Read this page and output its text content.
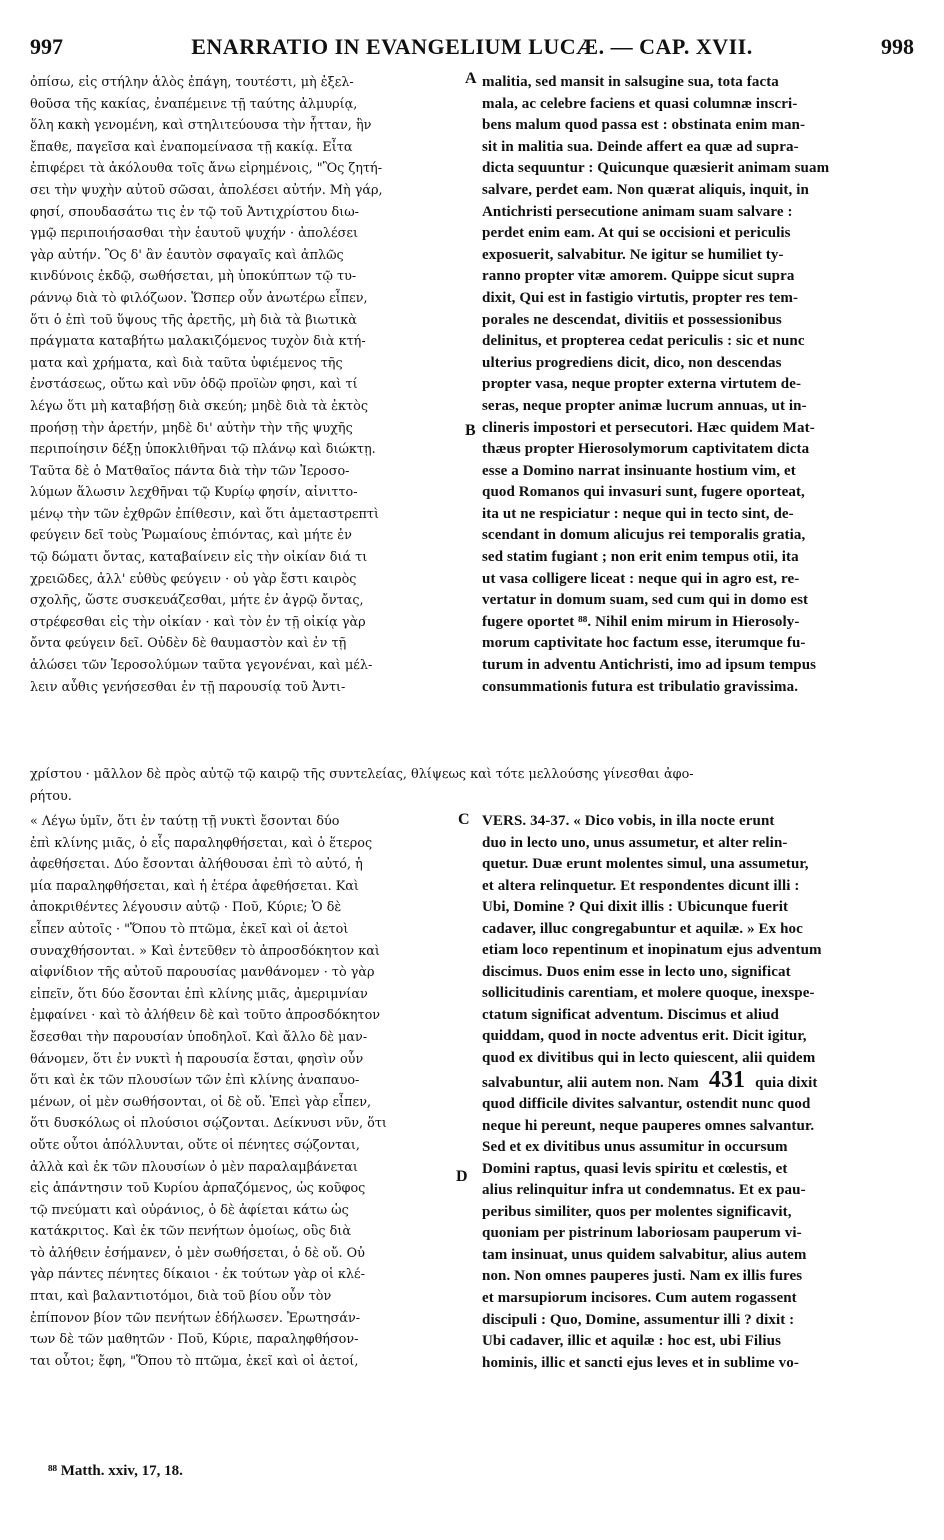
997	ENARRATIO IN EVANGELIUM LUCÆ. — CAP. XVII.	998
ὀπίσω, εἰς στήλην ἁλὸς ἐπάγη, τουτέστι, μὴ ἐξελ-
θοῦσα τῆς κακίας, ἐναπέμεινε τῇ ταύτης ἀλμυρίᾳ,
ὅλη κακὴ γενομένη, καὶ στηλιτεύουσα τὴν ἧτταν, ἣν
ἔπαθε, παγεῖσα καὶ ἐναπομείνασα τῇ κακίᾳ. Εἶτα
ἐπιφέρει τὰ ἀκόλουθα τοῖς ἄνω εἰρημένοις, "Ὃς ζητή-
σει τὴν ψυχὴν αὐτοῦ σῶσαι, ἀπολέσει αὐτήν. Μὴ γάρ,
φησί, σπουδασάτω τις ἐν τῷ τοῦ Ἀντιχρίστου διω-
γμῷ περιποιήσασθαι τὴν ἑαυτοῦ ψυχήν · ἀπολέσει
γὰρ αὐτήν. Ὃς δ' ἂν ἑαυτὸν σφαγαῖς καὶ ἀπλῶς
κινδύνοις ἐκδῷ, σωθήσεται, μὴ ὑποκύπτων τῷ τυ-
ράννῳ διὰ τὸ φιλόζωον. Ὥσπερ οὖν ἀνωτέρω εἶπεν,
ὅτι ὁ ἐπὶ τοῦ ὕψους τῆς ἀρετῆς, μὴ διὰ τὰ βιωτικὰ
πράγματα καταβήτω μαλακιζόμενος τυχὸν διὰ κτή-
ματα καὶ χρήματα, καὶ διὰ ταῦτα ὑφιέμενος τῆς
ἐνστάσεως, οὕτω καὶ νῦν ὁδῷ προϊὼν φησι, καὶ τί
λέγω ὅτι μὴ καταβήσῃ διὰ σκεύη; μηδὲ διὰ τὰ ἐκτὸς
προήσῃ τὴν ἀρετήν, μηδὲ δι' αὐτὴν τὴν τῆς ψυχῆς
περιποίησιν δέξῃ ὑποκλιθῆναι τῷ πλάνῳ καὶ διώκτῃ.
Ταῦτα δὲ ὁ Ματθαῖος πάντα διὰ τὴν τῶν Ἱεροσο-
λύμων ἅλωσιν λεχθῆναι τῷ Κυρίῳ φησίν, αἰνιττο-
μένῳ τὴν τῶν ἐχθρῶν ἐπίθεσιν, καὶ ὅτι ἀμεταστρεπτὶ
φεύγειν δεῖ τοὺς Ῥωμαίους ἐπιόντας, καὶ μήτε ἐν
τῷ δώματι ὄντας, καταβαίνειν εἰς τὴν οἰκίαν διά τι
χρειῶδες, ἀλλ' εὐθὺς φεύγειν · οὐ γὰρ ἔστι καιρὸς
σχολῆς, ὥστε συσκευάζεσθαι, μήτε ἐν ἀγρῷ ὄντας,
στρέφεσθαι εἰς τὴν οἰκίαν · καὶ τὸν ἐν τῇ οἰκίᾳ γὰρ
ὄντα φεύγειν δεῖ. Οὐδὲν δὲ θαυμαστὸν καὶ ἐν τῇ
ἁλώσει τῶν Ἱεροσολύμων ταῦτα γεγονέναι, καὶ μέλ-
λειν αὖθις γενήσεσθαι ἐν τῇ παρουσίᾳ τοῦ Ἀντι-
malitia, sed mansit in salsugine sua, tota facta
mala, ac celebre faciens et quasi columnæ inscri-
bens malum quod passa est : obstinata enim man-
sit in malitia sua. Deinde affert ea quæ ad supra-
dicta sequuntur : Quicunque quæsierit animam suam
salvare, perdet eam. Non quærat aliquis, inquit, in
Antichristi persecutione animam suam salvare :
perdet enim eam. At qui se occisioni et periculis
exposuerit, salvabitur. Ne igitur se humiliet ty-
ranno propter vitæ amorem. Quippe sicut supra
dixit, Qui est in fastigio virtutis, propter res tem-
porales ne descendat, divitiis et possessionibus
delinitus, et propterea cedat periculis : sic et nunc
ulterius progrediens dicit, dico, non descendas
propter vasa, neque propter externa virtutem de-
seras, neque propter animæ lucrum annuas, ut in-
clineris impostori et persecutori. Hæc quidem Mat-
thæus propter Hierosolymorum captivitatem dicta
esse a Domino narrat insinuante hostium vim, et
quod Romanos qui invasuri sunt, fugere oporteat,
ita ut ne respiciatur : neque qui in tecto sint, de-
scendant in domum alicujus rei temporalis gratia,
sed statim fugiant ; non erit enim tempus otii, ita
ut vasa colligere liceat : neque qui in agro est, re-
vertatur in domum suam, sed cum qui in domo est
fugere oportet ⁸⁸. Nihil enim mirum in Hierosoly-
morum captivitate hoc factum esse, iterumque fu-
turum in adventu Antichristi, imo ad ipsum tempus
consummationis futura est tribulatio gravissima.
χρίστου · μᾶλλον δὲ πρὸς αὐτῷ τῷ καιρῷ τῆς συντελείας, θλίψεως καὶ τότε μελλούσης γίνεσθαι ἀφο-
ρήτου.
« Λέγω ὑμῖν, ὅτι ἐν ταύτῃ τῇ νυκτὶ ἔσονται δύο
ἐπὶ κλίνης μιᾶς, ὁ εἷς παραληφθήσεται, καὶ ὁ ἕτερος
ἀφεθήσεται. Δύο ἔσονται ἀλήθουσαι ἐπὶ τὸ αὐτό, ἡ
μία παραληφθήσεται, καὶ ἡ ἑτέρα ἀφεθήσεται. Καὶ
ἀποκριθέντες λέγουσιν αὐτῷ · Ποῦ, Κύριε; Ὁ δὲ
εἶπεν αὐτοῖς · "Ὅπου τὸ πτῶμα, ἐκεῖ καὶ οἱ ἀετοὶ
συναχθήσονται. » Καὶ ἐντεῦθεν τὸ ἀπροσδόκητον καὶ
αἰφνίδιον τῆς αὐτοῦ παρουσίας μανθάνομεν · τὸ γὰρ
εἰπεῖν, ὅτι δύο ἔσονται ἐπὶ κλίνης μιᾶς, ἀμεριμνίαν
ἐμφαίνει · καὶ τὸ ἀλήθειν δὲ καὶ τοῦτο ἀπροσδόκητον
ἔσεσθαι τὴν παρουσίαν ὑποδηλοῖ. Καὶ ἄλλο δὲ μαν-
θάνομεν, ὅτι ἐν νυκτὶ ἡ παρουσία ἔσται, φησὶν οὖν
ὅτι καὶ ἐκ τῶν πλουσίων τῶν ἐπὶ κλίνης ἀναπαυο-
μένων, οἱ μὲν σωθήσονται, οἱ δὲ οὔ. Ἐπεὶ γὰρ εἶπεν,
ὅτι δυσκόλως οἱ πλούσιοι σῴζονται. Δείκνυσι νῦν, ὅτι
οὔτε οὗτοι ἀπόλλυνται, οὔτε οἱ πένητες σῴζονται,
ἀλλὰ καὶ ἐκ τῶν πλουσίων ὁ μὲν παραλαμβάνεται
εἰς ἀπάντησιν τοῦ Κυρίου ἁρπαζόμενος, ὡς κοῦφος
τῷ πνεύματι καὶ οὐράνιος, ὁ δὲ ἀφίεται κάτω ὡς
κατάκριτος. Καὶ ἐκ τῶν πενήτων ὁμοίως, οὓς διὰ
τὸ ἀλήθειν ἐσήμανεν, ὁ μὲν σωθήσεται, ὁ δὲ οὔ. Οὐ
γὰρ πάντες πένητες δίκαιοι · ἐκ τούτων γὰρ οἱ κλέ-
πται, καὶ βαλαντιοτόμοι, διὰ τοῦ βίου οὖν τὸν
ἐπίπονον βίον τῶν πενήτων ἐδήλωσεν. Ἐρωτησάν-
των δὲ τῶν μαθητῶν · Ποῦ, Κύριε, παραληφθήσον-
ται οὗτοι; ἔφη, "Ὅπου τὸ πτῶμα, ἐκεῖ καὶ οἱ ἀετοί,
VERS. 34-37. « Dico vobis, in illa nocte erunt
duo in lecto uno, unus assumetur, et alter relin-
quetur. Duæ erunt molentes simul, una assumetur,
et altera relinquetur. Et respondentes dicunt illi :
Ubi, Domine ? Qui dixit illis : Ubicunque fuerit
cadaver, illuc congregabuntur et aquilæ. » Ex hoc
etiam loco repentinum et inopinatum ejus adventum
discimus. Duos enim esse in lecto uno, significat
sollicitudinis carentiam, et molere quoque, inexspe-
ctatum significat adventum. Discimus et aliud
quiddam, quod in nocte adventus erit. Dicit igitur,
quod ex divitibus qui in lecto quiescent, alii quidem
salvabuntur, alii autem non. Nam 431 quia dixit
quod difficile divites salvantur, ostendit nunc quod
neque hi pereunt, neque pauperes omnes salvantur.
Sed et ex divitibus unus assumitur in occursum
Domini raptus, quasi levis spiritu et cœlestis, et
alius relinquitur infra ut condemnatus. Et ex pau-
peribus similiter, quos per molentes significavit,
quoniam per pistrinum laboriosam pauperum vi-
tam insinuat, unus quidem salvabitur, alius autem
non. Non omnes pauperes justi. Nam ex illis fures
et marsupiorum incisores. Cum autem rogassent
discipuli : Quo, Domine, assumentur illi ? dixit :
Ubi cadaver, illic et aquilæ : hoc est, ubi Filius
hominis, illic et sancti ejus leves et in sublime vo-
A
B
C
D
⁸⁸ Matth. xxiv, 17, 18.
